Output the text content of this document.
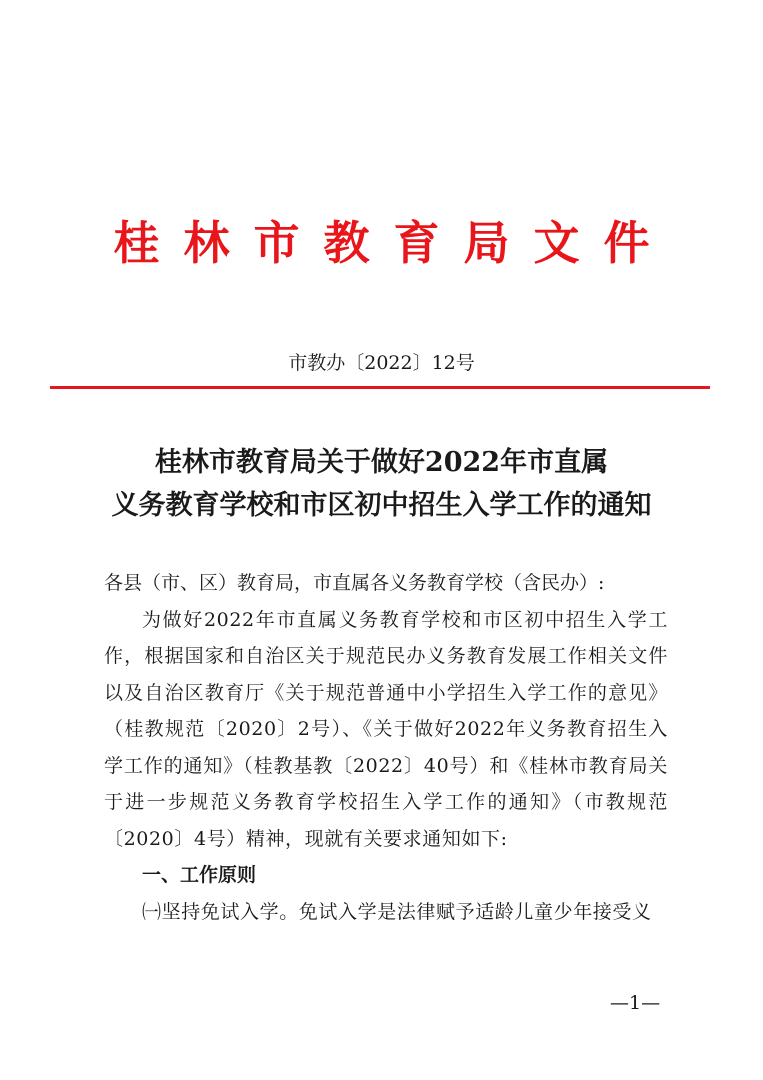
桂林市教育局文件
市教办〔2022〕12号
桂林市教育局关于做好2022年市直属
义务教育学校和市区初中招生入学工作的通知
各县（市、区）教育局，市直属各义务教育学校（含民办）:
为做好2022年市直属义务教育学校和市区初中招生入学工作，根据国家和自治区关于规范民办义务教育发展工作相关文件以及自治区教育厅《关于规范普通中小学招生入学工作的意见》（桂教规范〔2020〕2号）、《关于做好2022年义务教育招生入学工作的通知》（桂教基教〔2022〕40号）和《桂林市教育局关于进一步规范义务教育学校招生入学工作的通知》（市教规范〔2020〕4号）精神，现就有关要求通知如下:
一、工作原则
㈠坚持免试入学。免试入学是法律赋予适龄儿童少年接受义
—1—
